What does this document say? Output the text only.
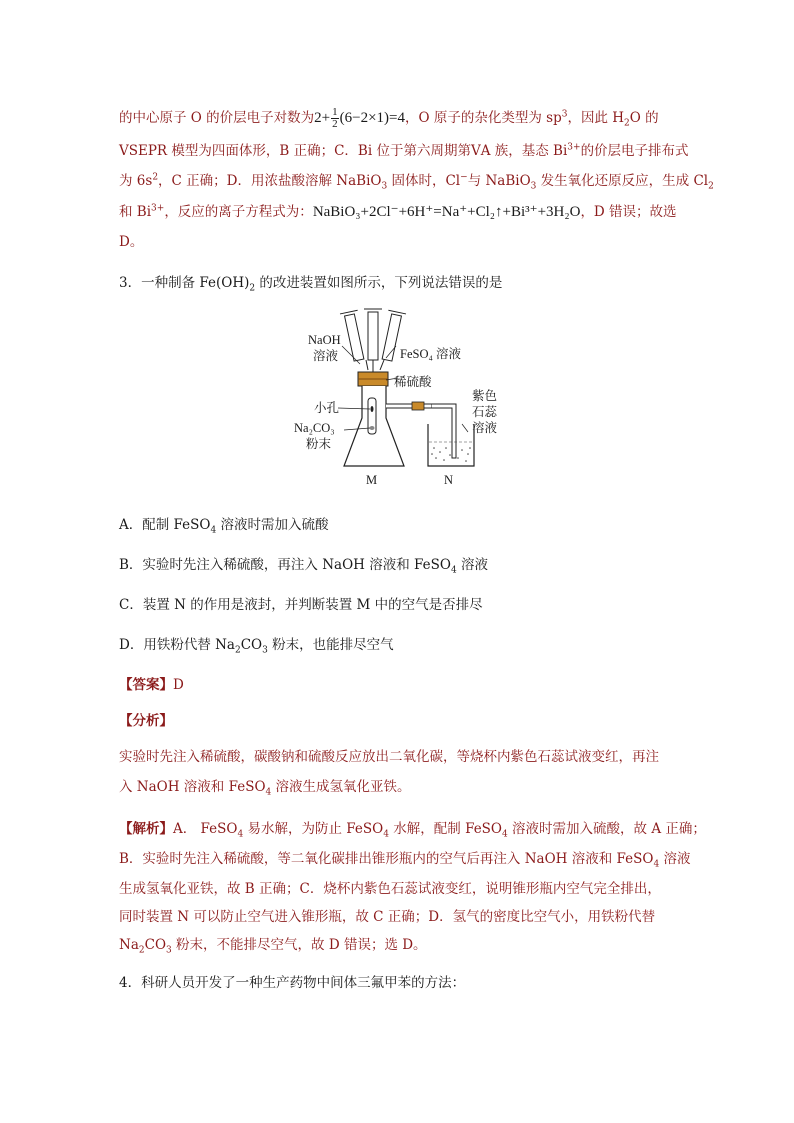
的中心原子 O 的价层电子对数为$2+ \frac{1}{2} (6-2\times 1)=4$，O 原子的杂化类型为 $sp^3$，因此 $H_2O$ 的
VSEPR 模型为四面体形，B 正确；C．Bi 位于第六周期第ⅤA 族，基态 $Bi^{3+}$的价层电子排布式
为 $6s^2$，C 正确；D．用浓盐酸溶解 NaBiO$_3$ 固体时，Cl−与 NaBiO$_3$ 发生氧化还原反应，生成 $Cl_2$
和 $Bi^{3+}$，反应的离子方程式为：NaBiO₃+2Cl⁻+6H⁺=Na⁺+Cl₂↑+Bi³⁺+3H₂O，D 错误；故选
D。
3．一种制备 $Fe(OH)_2$ 的改进装置如图所示，下列说法错误的是
NaOH
溶液	FeSO₄ 溶液
稀硫酸
小孔
Na₂CO₃
粉末
紫色
石蕊
溶液
M	N
A．配制 FeSO$_4$ 溶液时需加入硫酸
B．实验时先注入稀硫酸，再注入 NaOH 溶液和 FeSO$_4$ 溶液
C．装置 N 的作用是液封，并判断装置 M 中的空气是否排尽
D．用铁粉代替 $Na_2CO_3$ 粉末，也能排尽空气
【答案】D
【分析】
实验时先注入稀硫酸，碳酸钠和硫酸反应放出二氧化碳，等烧杯内紫色石蕊试液变红，再注
入 NaOH 溶液和 FeSO$_4$ 溶液生成氢氧化亚铁。
【解析】A． FeSO$_4$ 易水解，为防止 FeSO$_4$ 水解，配制 FeSO$_4$ 溶液时需加入硫酸，故 A 正确；
B．实验时先注入稀硫酸，等二氧化碳排出锥形瓶内的空气后再注入 NaOH 溶液和 FeSO$_4$ 溶液
生成氢氧化亚铁，故 B 正确；C．烧杯内紫色石蕊试液变红，说明锥形瓶内空气完全排出，
同时装置 N 可以防止空气进入锥形瓶，故 C 正确；D．氢气的密度比空气小，用铁粉代替
$Na_2CO_3$ 粉末，不能排尽空气，故 D 错误；选 D。
4．科研人员开发了一种生产药物中间体三氟甲苯的方法：
